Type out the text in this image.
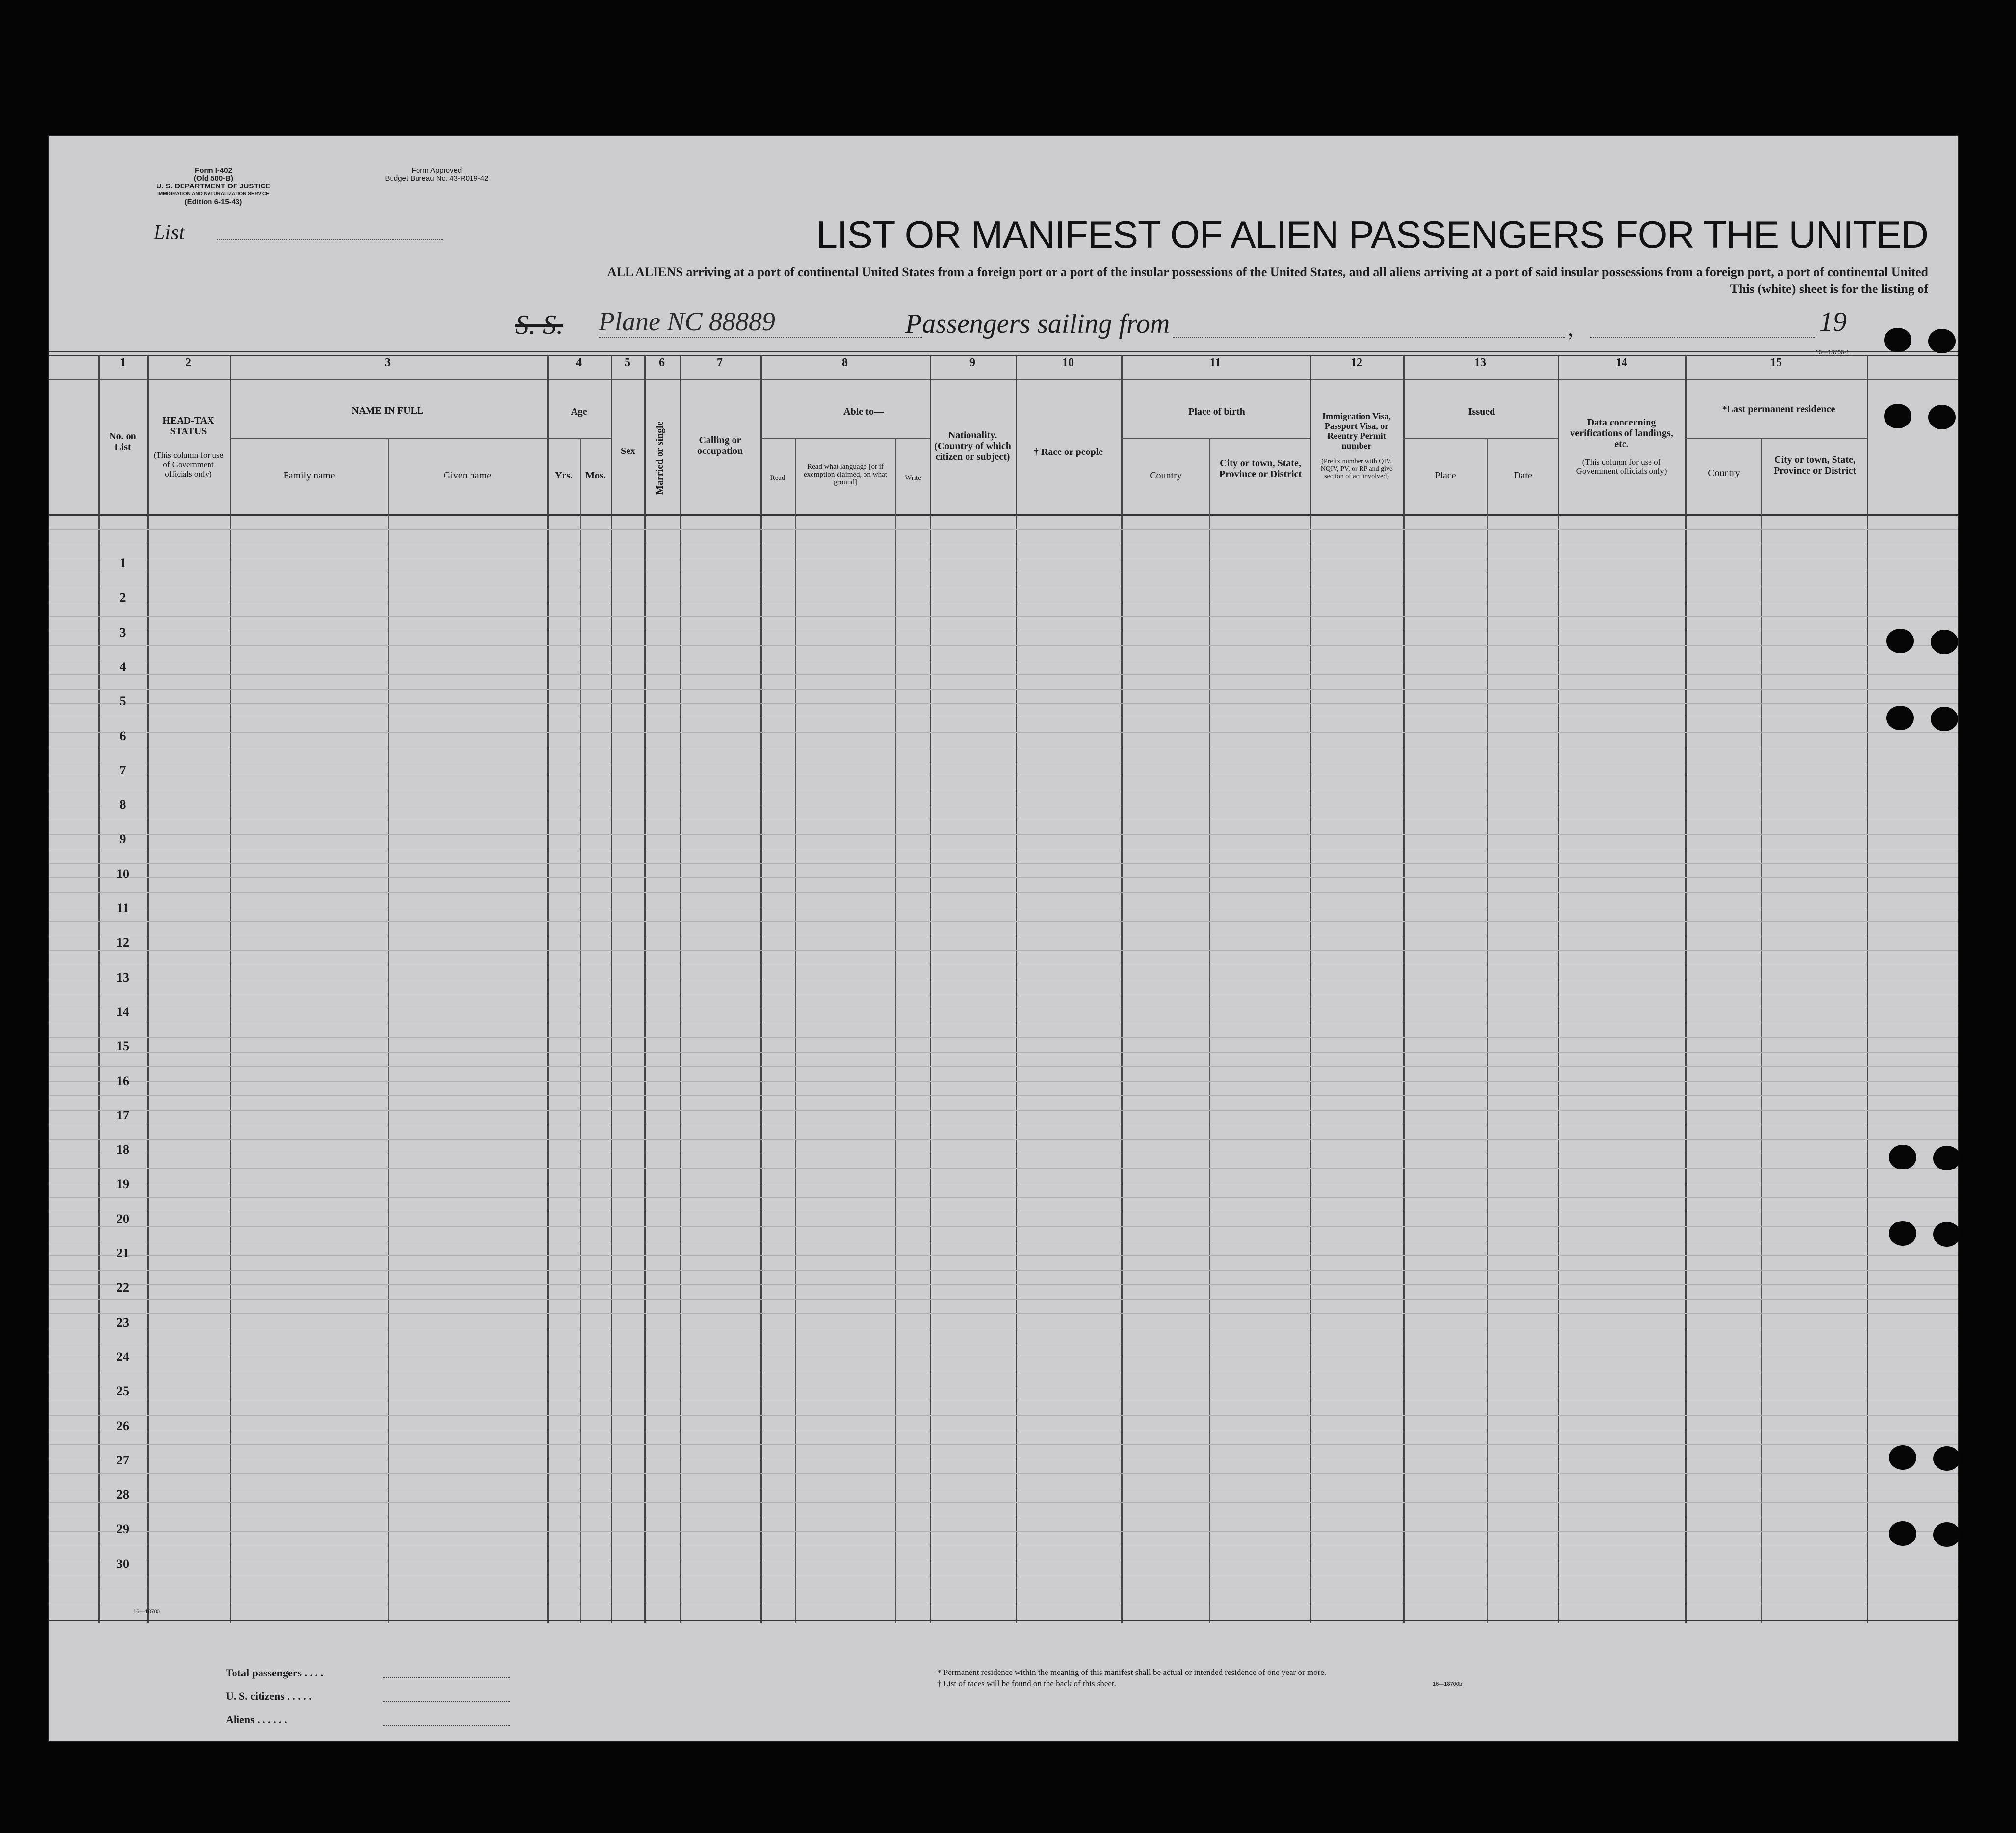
Form I-402
(Old 500-B)
U. S. DEPARTMENT OF JUSTICE
IMMIGRATION AND NATURALIZATION SERVICE
(Edition 6-15-43)
Form Approved
Budget Bureau No. 43-R019-42
List	LIST OR MANIFEST OF ALIEN PASSENGERS FOR THE UNITED
ALL ALIENS arriving at a port of continental United States from a foreign port or a port of the insular possessions of the United States, and all aliens arriving at a port of said insular possessions from a foreign port, a port of continental United
This (white) sheet is for the listing of
S. S. Plane NC 88889	Passengers sailing from	,	19
16—18700-1
1	2	3	4	5	6	7	8	9	10	11	12	13	14	15
No. on List
HEAD-TAX STATUS
(This column for use of Government officials only)
NAME IN FULL
Family name	Given name
Age
Yrs.	Mos.
Sex	Married or single	Calling or occupation
Able to—
Read
Read what language [or if exemption claimed, on what ground]
Write
Nationality. (Country of which citizen or subject)	† Race or people
Place of birth
Country
City or town, State, Province or District
Immigration Visa, Passport Visa, or Reentry Permit number
(Prefix number with QIV, NQIV, PV, or RP and give section of act involved)
Issued
Place	Date
Data concerning verifications of landings, etc.
(This column for use of Government officials only)
*Last permanent residence
Country
City or town, State, Province or District
1
2
3
4
5
6
7
8
9
10
11
12
13
14
15
16
17
18
19
20
21
22
23
24
25
26
27
28
29
30
16—18700
Total passengers . . . .
U. S. citizens . . . . .
Aliens . . . . . .
* Permanent residence within the meaning of this manifest shall be actual or intended residence of one year or more.
† List of races will be found on the back of this sheet.	16—18700b
